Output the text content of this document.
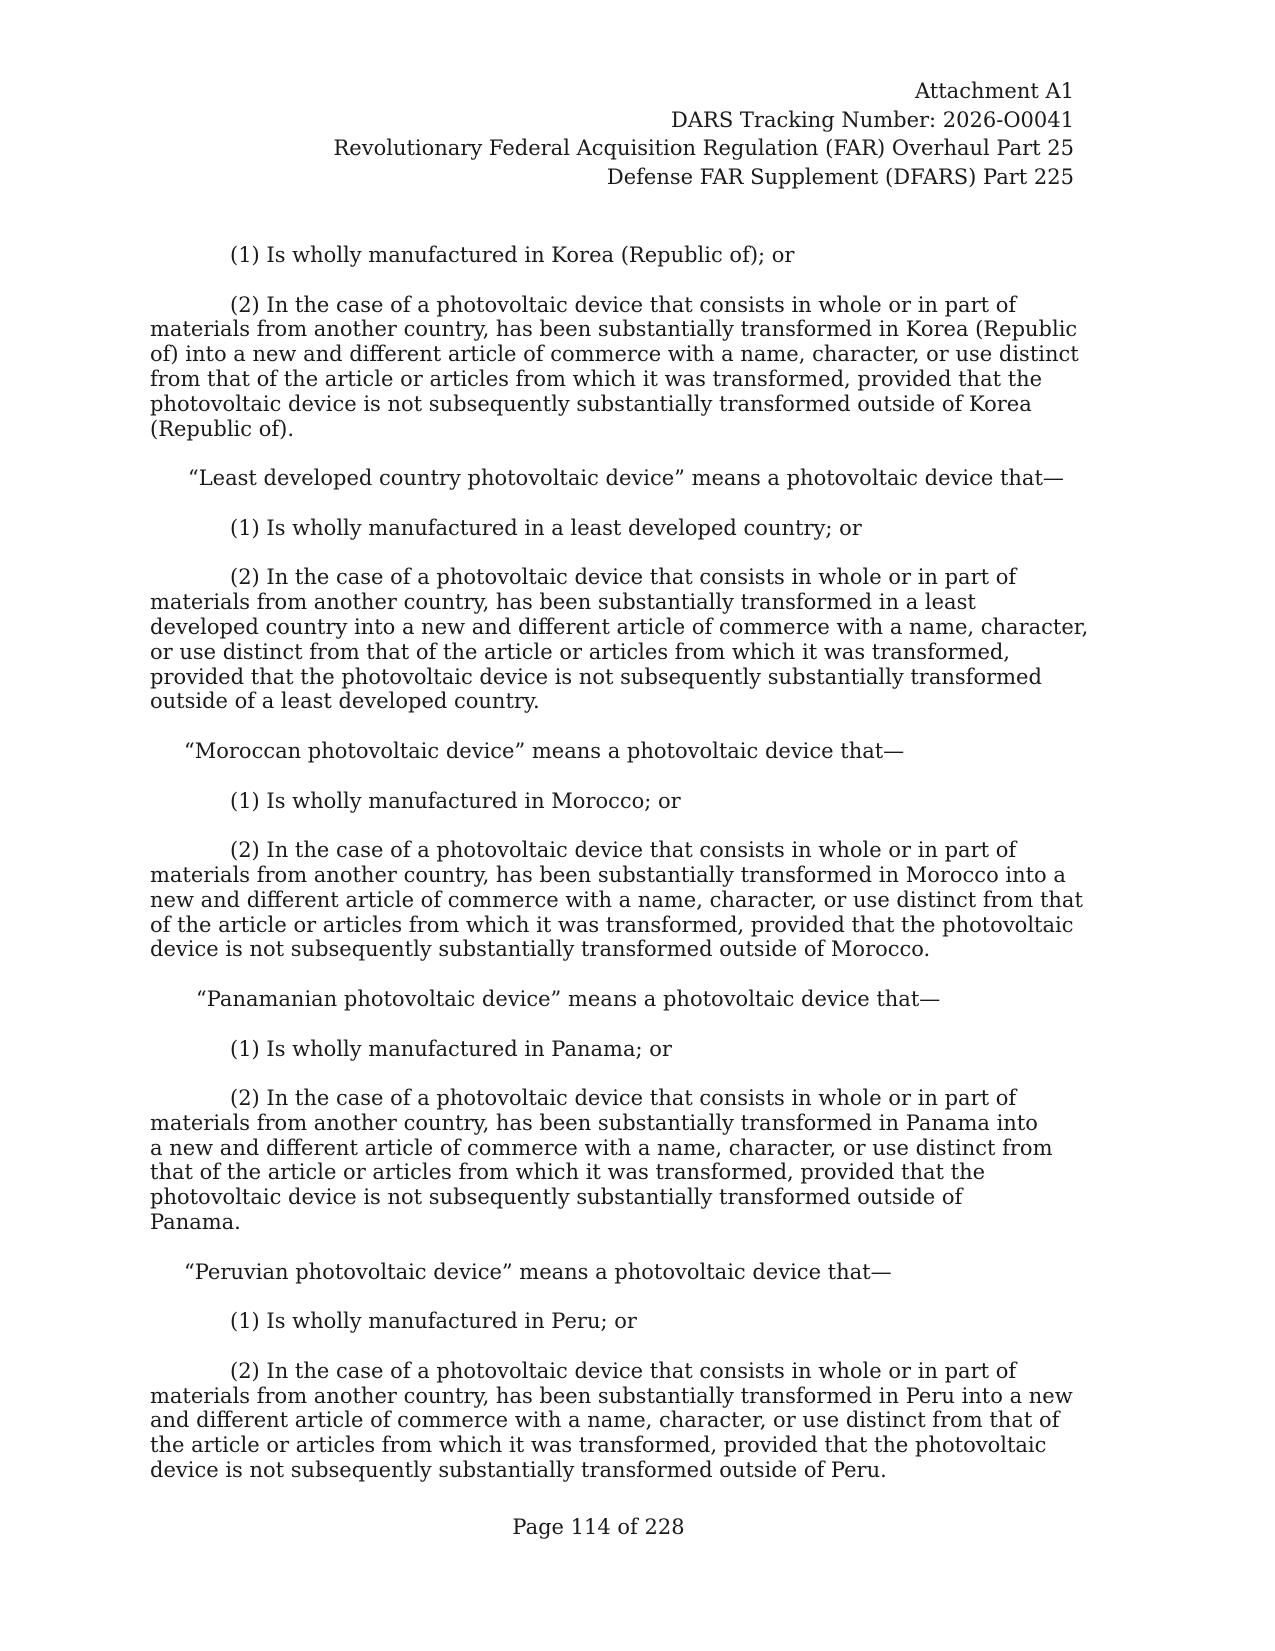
Attachment A1
DARS Tracking Number: 2026-O0041
Revolutionary Federal Acquisition Regulation (FAR) Overhaul Part 25
Defense FAR Supplement (DFARS) Part 225

(1) Is wholly manufactured in Korea (Republic of); or

(2) In the case of a photovoltaic device that consists in whole or in part of

materials from another country, has been substantially transformed in Korea (Republic

of) into a new and different article of commerce with a name, character, or use distinct

from that of the article or articles from which it was transformed, provided that the

photovoltaic device is not subsequently substantially transformed outside of Korea

(Republic of).

“Least developed country photovoltaic device” means a photovoltaic device that—

(1) Is wholly manufactured in a least developed country; or

(2) In the case of a photovoltaic device that consists in whole or in part of

materials from another country, has been substantially transformed in a least

developed country into a new and different article of commerce with a name, character,

or use distinct from that of the article or articles from which it was transformed,

provided that the photovoltaic device is not subsequently substantially transformed

outside of a least developed country.

“Moroccan photovoltaic device” means a photovoltaic device that—

(1) Is wholly manufactured in Morocco; or

(2) In the case of a photovoltaic device that consists in whole or in part of

materials from another country, has been substantially transformed in Morocco into a

new and different article of commerce with a name, character, or use distinct from that

of the article or articles from which it was transformed, provided that the photovoltaic

device is not subsequently substantially transformed outside of Morocco.

“Panamanian photovoltaic device” means a photovoltaic device that—

(1) Is wholly manufactured in Panama; or

(2) In the case of a photovoltaic device that consists in whole or in part of

materials from another country, has been substantially transformed in Panama into

a new and different article of commerce with a name, character, or use distinct from

that of the article or articles from which it was transformed, provided that the

photovoltaic device is not subsequently substantially transformed outside of

Panama.

“Peruvian photovoltaic device” means a photovoltaic device that—

(1) Is wholly manufactured in Peru; or

(2) In the case of a photovoltaic device that consists in whole or in part of

materials from another country, has been substantially transformed in Peru into a new

and different article of commerce with a name, character, or use distinct from that of

the article or articles from which it was transformed, provided that the photovoltaic

device is not subsequently substantially transformed outside of Peru.

Page 114 of 228
